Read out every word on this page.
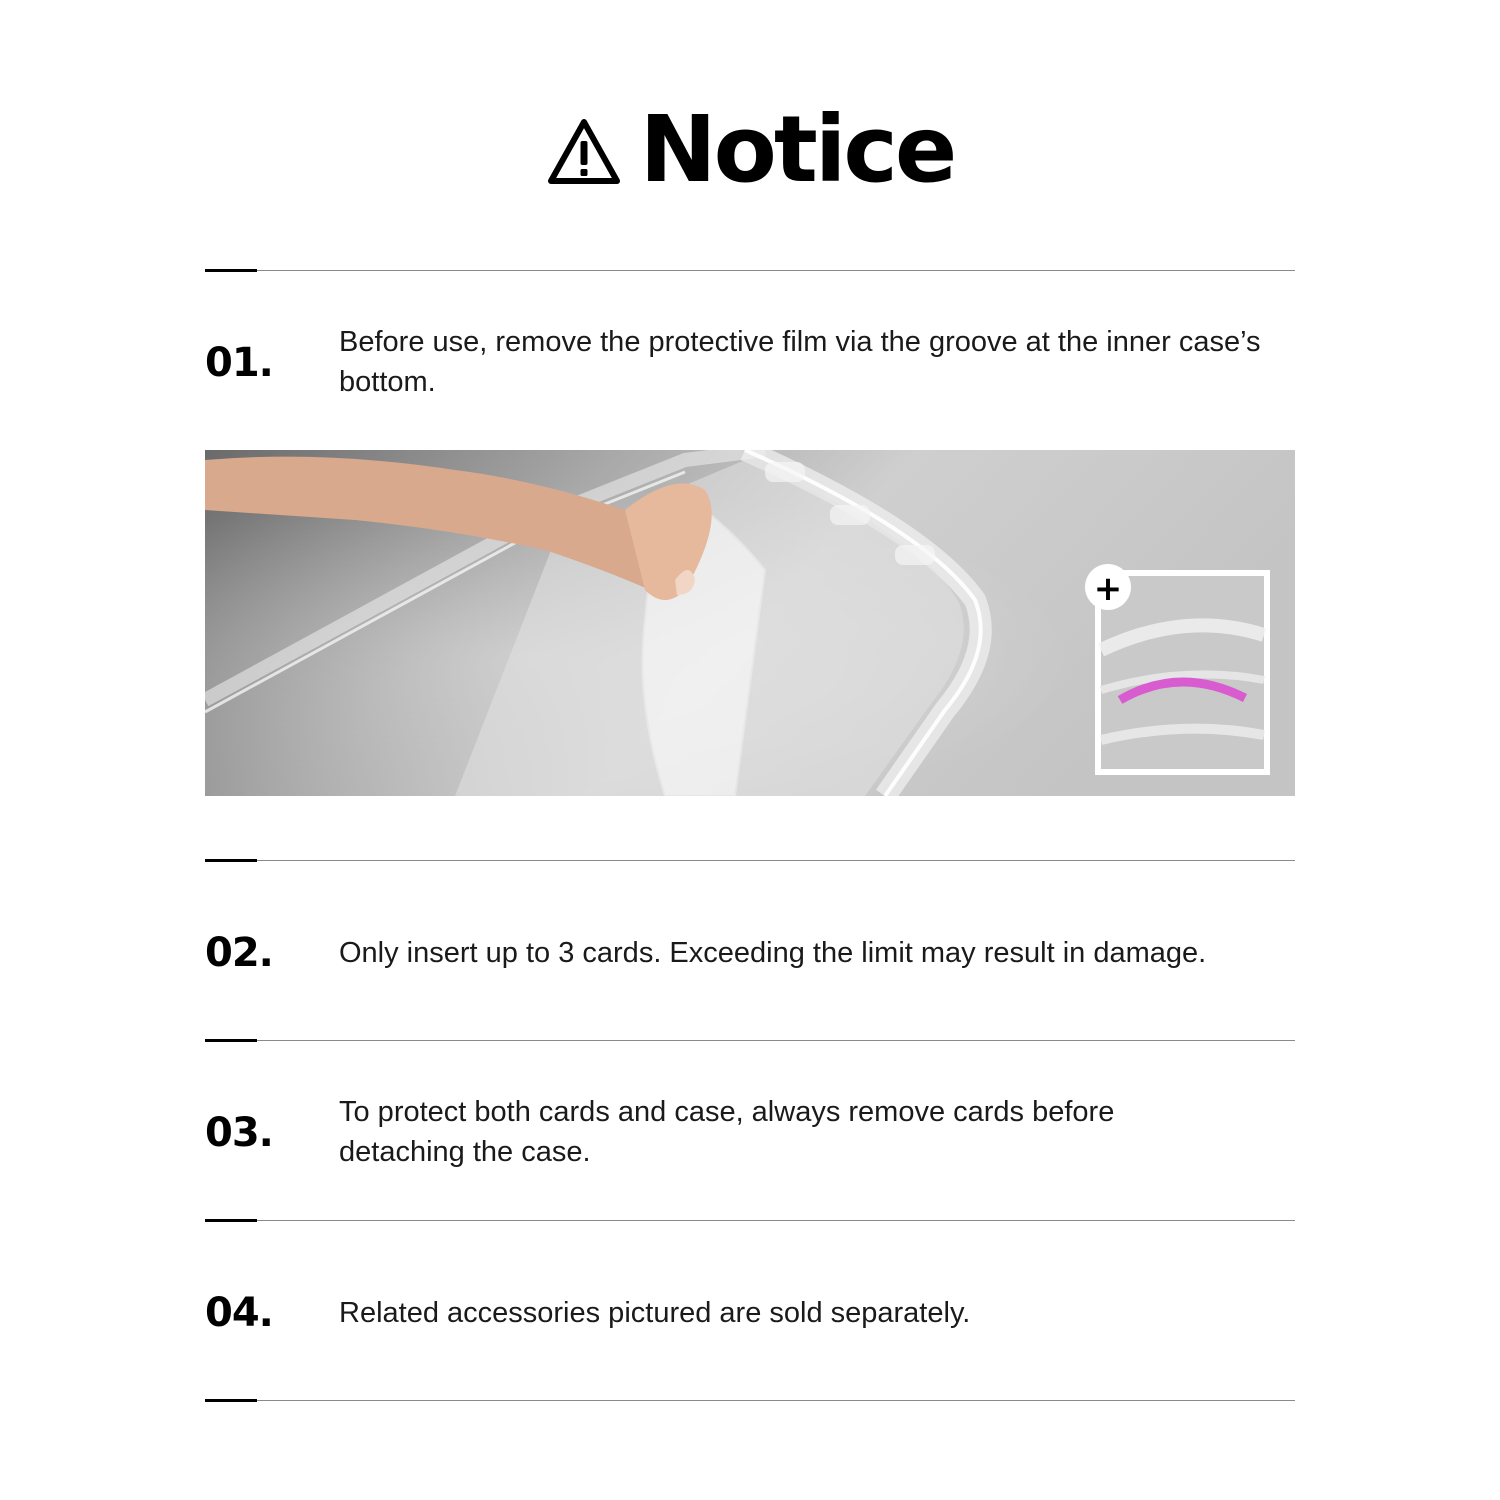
Notice
01. Before use, remove the protective film via the groove at the inner case’s bottom.
+
02. Only insert up to 3 cards. Exceeding the limit may result in damage.
03. To protect both cards and case, always remove cards before detaching the case.
04. Related accessories pictured are sold separately.
